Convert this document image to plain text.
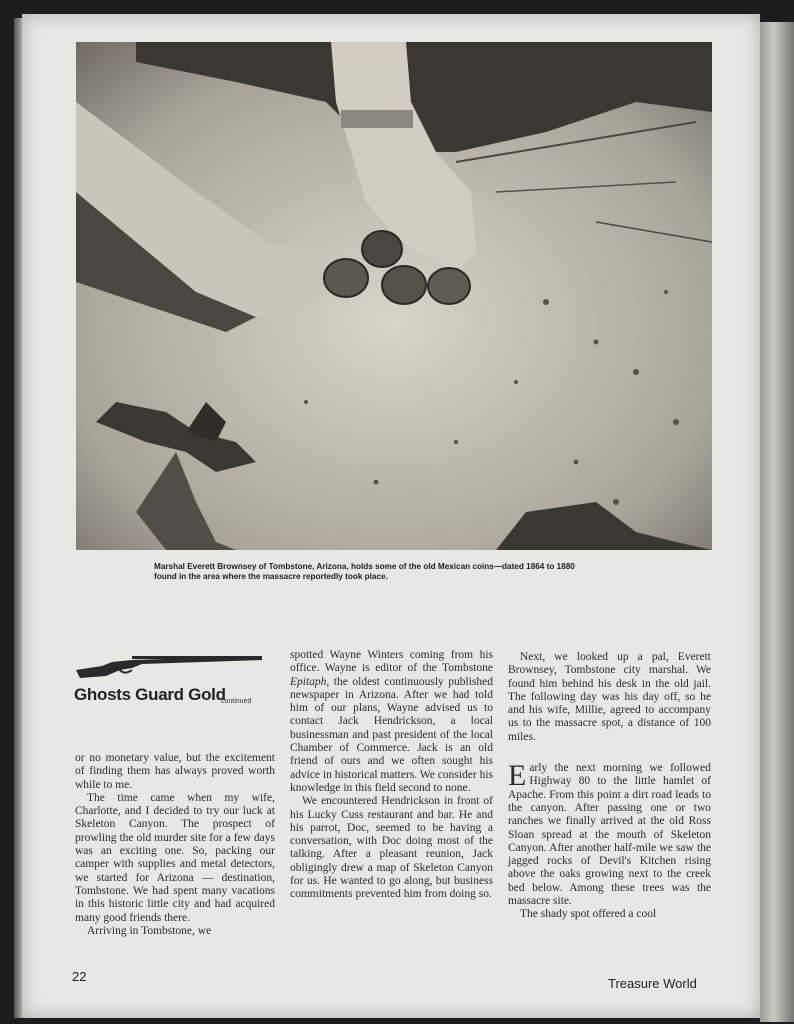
Marshal Everett Brownsey of Tombstone, Arizona, holds some of the old Mexican coins—dated 1864 to 1880
found in the area where the massacre reportedly took place.
Ghosts Guard Gold
continued

or no monetary value, but the excitement of finding them has always proved worth while to me.

The time came when my wife, Charlotte, and I decided to try our luck at Skeleton Canyon. The prospect of prowling the old murder site for a few days was an exciting one. So, packing our camper with supplies and metal detectors, we started for Arizona — destination, Tombstone. We had spent many vacations in this historic little city and had acquired many good friends there.

Arriving in Tombstone, we

spotted Wayne Winters coming from his office. Wayne is editor of the Tombstone Epitaph, the oldest continuously published newspaper in Arizona. After we had told him of our plans, Wayne advised us to contact Jack Hendrickson, a local businessman and past president of the local Chamber of Commerce. Jack is an old friend of ours and we often sought his advice in historical matters. We consider his knowledge in this field second to none.

We encountered Hendrickson in front of his Lucky Cuss restaurant and bar. He and his parrot, Doc, seemed to be having a conversation, with Doc doing most of the talking. After a pleasant reunion, Jack obligingly drew a map of Skeleton Canyon for us. He wanted to go along, but business commitments prevented him from doing so.

Next, we looked up a pal, Everett Brownsey, Tombstone city marshal. We found him behind his desk in the old jail. The following day was his day off, so he and his wife, Millie, agreed to accompany us to the massacre spot, a distance of 100 miles.

Early the next morning we followed Highway 80 to the little hamlet of Apache. From this point a dirt road leads to the canyon. After passing one or two ranches we finally arrived at the old Ross Sloan spread at the mouth of Skeleton Canyon. After another half-mile we saw the jagged rocks of Devil's Kitchen rising above the oaks growing next to the creek bed below. Among these trees was the massacre site.

The shady spot offered a cool

22	Treasure World
